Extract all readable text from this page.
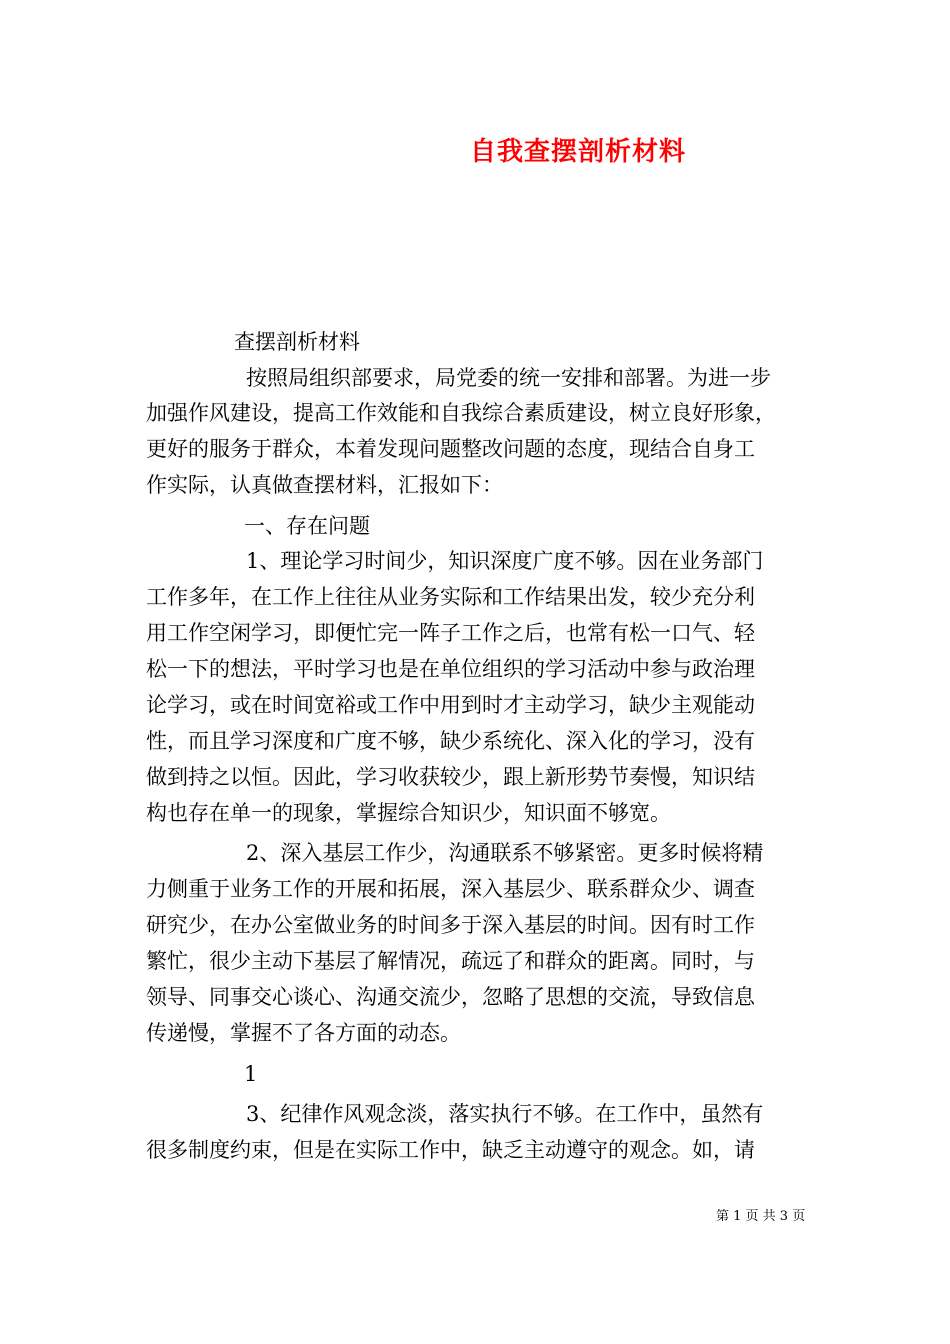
自我查摆剖析材料
查摆剖析材料
按照局组织部要求，局党委的统一安排和部署。为进一步
加强作风建设，提高工作效能和自我综合素质建设，树立良好形象，
更好的服务于群众，本着发现问题整改问题的态度，现结合自身工
作实际，认真做查摆材料，汇报如下：
一、存在问题
1、理论学习时间少，知识深度广度不够。因在业务部门
工作多年，在工作上往往从业务实际和工作结果出发，较少充分利
用工作空闲学习，即便忙完一阵子工作之后，也常有松一口气、轻
松一下的想法，平时学习也是在单位组织的学习活动中参与政治理
论学习，或在时间宽裕或工作中用到时才主动学习，缺少主观能动
性，而且学习深度和广度不够，缺少系统化、深入化的学习，没有
做到持之以恒。因此，学习收获较少，跟上新形势节奏慢，知识结
构也存在单一的现象，掌握综合知识少，知识面不够宽。
2、深入基层工作少，沟通联系不够紧密。更多时候将精
力侧重于业务工作的开展和拓展，深入基层少、联系群众少、调查
研究少，在办公室做业务的时间多于深入基层的时间。因有时工作
繁忙，很少主动下基层了解情况，疏远了和群众的距离。同时，与
领导、同事交心谈心、沟通交流少，忽略了思想的交流，导致信息
传递慢，掌握不了各方面的动态。
1
3、纪律作风观念淡，落实执行不够。在工作中，虽然有
很多制度约束，但是在实际工作中，缺乏主动遵守的观念。如，请
第 1 页 共 3 页
